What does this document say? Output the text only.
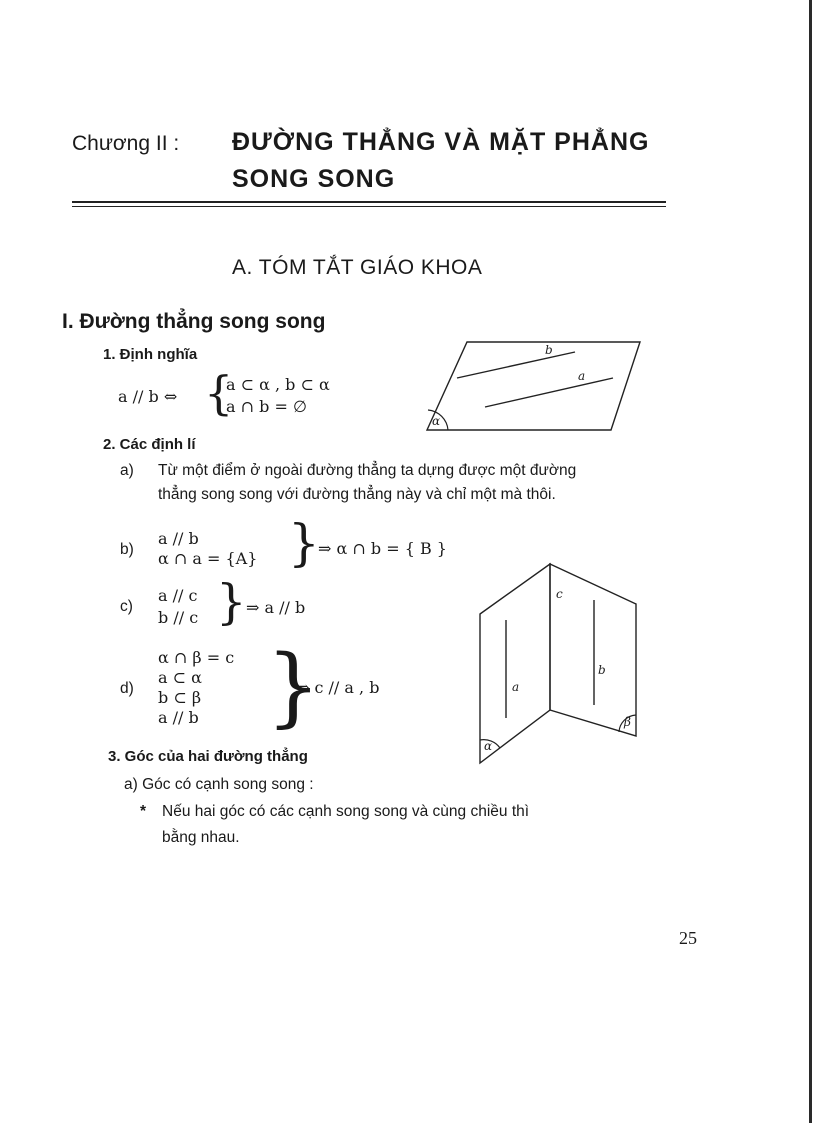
Chương II : ĐƯỜNG THẲNG VÀ MẶT PHẲNG
SONG SONG
A. TÓM TẮT GIÁO KHOA
I. Đường thẳng song song
1. Định nghĩa
a // b ⇔ {
a ⊂ α , b ⊂ α
a ∩ b = ∅
b
a
α
2. Các định lí
a) Từ một điểm ở ngoài đường thẳng ta dựng được một đường
thẳng song song với đường thẳng này và chỉ một mà thôi.
b)
a // b
α ∩ a = {A} }
⇒ α ∩ b = { B }
c)
a // c
b // c } ⇒ a // b
d)
α ∩ β = c
a ⊂ α
b ⊂ β
a // b }
⇒ c // a , b
c
a
b
α
β
3. Góc của hai đường thẳng
a) Góc có cạnh song song :
* Nếu hai góc có các cạnh song song và cùng chiều thì
bằng nhau.
25
